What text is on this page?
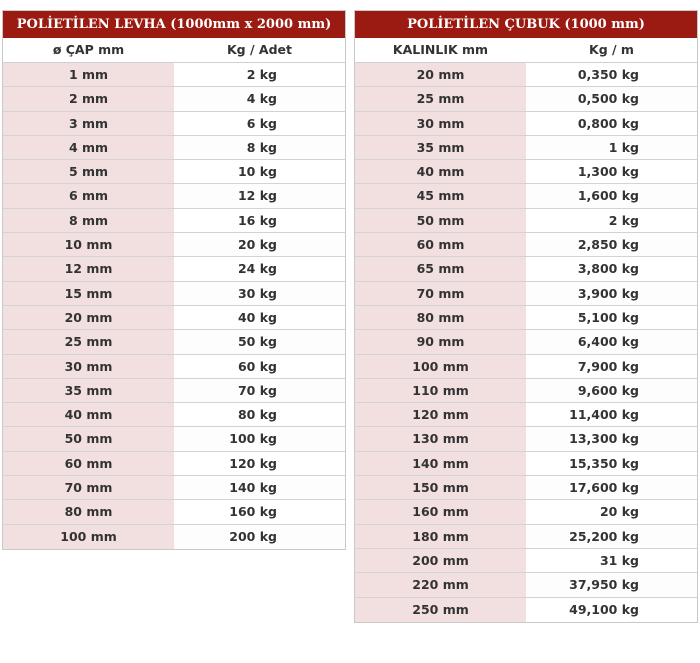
POLİETİLEN LEVHA (1000mm x 2000 mm)
ø ÇAP mm	Kg / Adet
1 mm	2 kg
2 mm	4 kg
3 mm	6 kg
4 mm	8 kg
5 mm	10 kg
6 mm	12 kg
8 mm	16 kg
10 mm	20 kg
12 mm	24 kg
15 mm	30 kg
20 mm	40 kg
25 mm	50 kg
30 mm	60 kg
35 mm	70 kg
40 mm	80 kg
50 mm	100 kg
60 mm	120 kg
70 mm	140 kg
80 mm	160 kg
100 mm	200 kg
POLİETİLEN ÇUBUK (1000 mm)
KALINLIK mm	Kg / m
20 mm	0,350 kg
25 mm	0,500 kg
30 mm	0,800 kg
35 mm	1 kg
40 mm	1,300 kg
45 mm	1,600 kg
50 mm	2 kg
60 mm	2,850 kg
65 mm	3,800 kg
70 mm	3,900 kg
80 mm	5,100 kg
90 mm	6,400 kg
100 mm	7,900 kg
110 mm	9,600 kg
120 mm	11,400 kg
130 mm	13,300 kg
140 mm	15,350 kg
150 mm	17,600 kg
160 mm	20 kg
180 mm	25,200 kg
200 mm	31 kg
220 mm	37,950 kg
250 mm	49,100 kg
